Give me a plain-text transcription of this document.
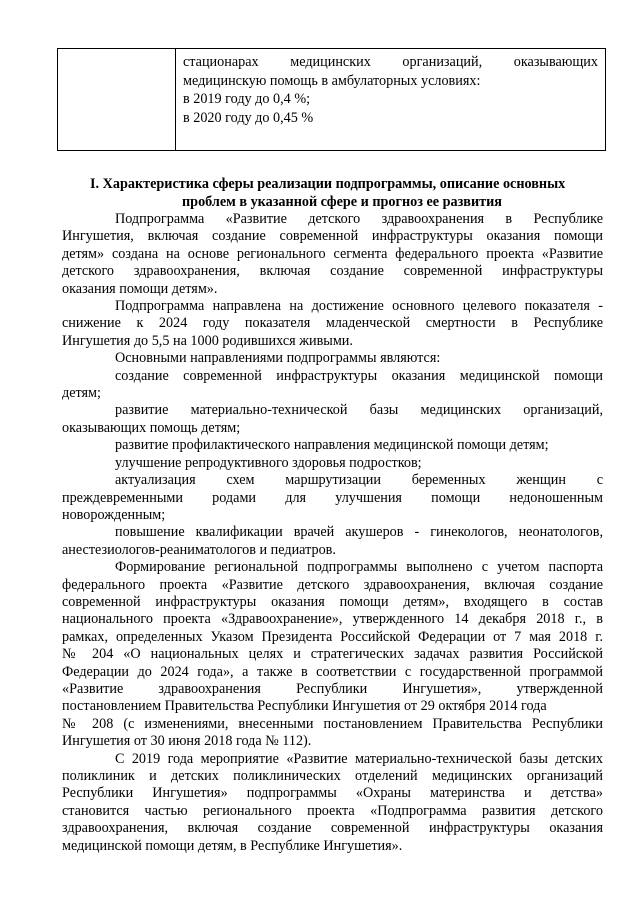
стационарах медицинских организаций, оказывающих
медицинскую помощь в амбулаторных условиях:
в 2019 году до 0,4 %;
в 2020 году до 0,45 %
I. Характеристика сферы реализации подпрограммы, описание основных
проблем в указанной сфере и прогноз ее развития
Подпрограмма «Развитие детского здравоохранения в Республике
Ингушетия, включая создание современной инфраструктуры оказания помощи
детям» создана на основе регионального сегмента федерального проекта «Развитие
детского здравоохранения, включая создание современной инфраструктуры
оказания помощи детям».
Подпрограмма направлена на достижение основного целевого показателя -
снижение к 2024 году показателя младенческой смертности в Республике
Ингушетия до 5,5 на 1000 родившихся живыми.
Основными направлениями подпрограммы являются:
создание современной инфраструктуры оказания медицинской помощи
детям;
развитие материально-технической базы медицинских организаций,
оказывающих помощь детям;
развитие профилактического направления медицинской помощи детям;
улучшение репродуктивного здоровья подростков;
актуализация схем маршрутизации беременных женщин с
преждевременными родами для улучшения помощи недоношенным
новорожденным;
повышение квалификации врачей акушеров - гинекологов, неонатологов,
анестезиологов-реаниматологов и педиатров.
Формирование региональной подпрограммы выполнено с учетом паспорта
федерального проекта «Развитие детского здравоохранения, включая создание
современной инфраструктуры оказания помощи детям», входящего в состав
национального проекта «Здравоохранение», утвержденного 14 декабря 2018 г., в
рамках, определенных Указом Президента Российской Федерации от 7 мая 2018 г.
№ 204 «О национальных целях и стратегических задачах развития Российской
Федерации до 2024 года», а также в соответствии с государственной программой
«Развитие здравоохранения Республики Ингушетия», утвержденной
постановлением Правительства Республики Ингушетия от 29 октября 2014 года
№ 208 (с изменениями, внесенными постановлением Правительства Республики
Ингушетия от 30 июня 2018 года № 112).
С 2019 года мероприятие «Развитие материально-технической базы детских
поликлиник и детских поликлинических отделений медицинских организаций
Республики Ингушетия» подпрограммы «Охраны материнства и детства»
становится частью регионального проекта «Подпрограмма развития детского
здравоохранения, включая создание современной инфраструктуры оказания
медицинской помощи детям, в Республике Ингушетия».
